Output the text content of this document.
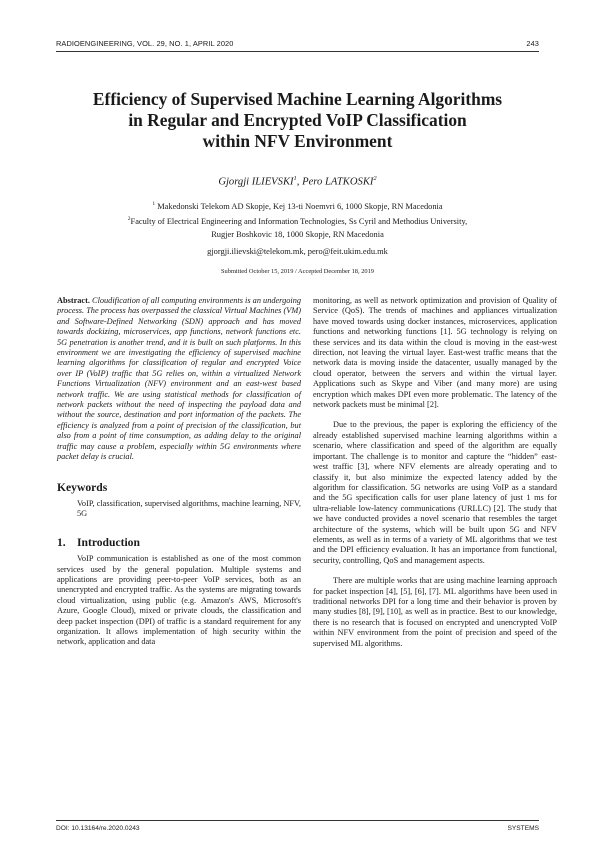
RADIOENGINEERING, VOL. 29, NO. 1, APRIL 2020	243
Efficiency of Supervised Machine Learning Algorithms
in Regular and Encrypted VoIP Classification
within NFV Environment
Gjorgji ILIEVSKI$^1$, Pero LATKOSKI$^2$
$^1$ Makedonski Telekom AD Skopje, Kej 13-ti Noemvri 6, 1000 Skopje, RN Macedonia
$^2$Faculty of Electrical Engineering and Information Technologies, Ss Cyril and Methodius University,
Rugjer Boshkovic 18, 1000 Skopje, RN Macedonia
gjorgji.ilievski@telekom.mk, pero@feit.ukim.edu.mk
Submitted October 15, 2019 / Accepted December 18, 2019
Abstract. Cloudification of all computing environments is an undergoing process. The process has overpassed the classical Virtual Machines (VM) and Software-Defined Networking (SDN) approach and has moved towards dockizing, microservices, app functions, network functions etc. 5G penetration is another trend, and it is built on such platforms. In this environment we are investigating the efficiency of supervised machine learning algorithms for classification of regular and encrypted Voice over IP (VoIP) traffic that 5G relies on, within a virtualized Network Functions Virtualization (NFV) environment and an east-west based network traffic. We are using statistical methods for classification of network packets without the need of inspecting the payload data and without the source, destination and port information of the packets. The efficiency is analyzed from a point of precision of the classification, but also from a point of time consumption, as adding delay to the original traffic may cause a problem, especially within 5G environments where packet delay is crucial.
Keywords
VoIP, classification, supervised algorithms, machine learning, NFV, 5G
1. Introduction

VoIP communication is established as one of the most common services used by the general population. Multiple systems and applications are providing peer-to-peer VoIP services, both as an unencrypted and encrypted traffic. As the systems are migrating towards cloud virtualization, using public (e.g. Amazon's AWS, Microsoft's Azure, Google Cloud), mixed or private clouds, the classification and deep packet inspection (DPI) of traffic is a standard requirement for any organization. It allows implementation of high security within the network, application and data

monitoring, as well as network optimization and provision of Quality of Service (QoS). The trends of machines and appliances virtualization have moved towards using docker instances, microservices, application functions and networking functions [1]. 5G technology is relying on these services and its data within the cloud is moving in the east-west direction, not leaving the virtual layer. East-west traffic means that the network data is moving inside the datacenter, usually managed by the cloud operator, between the servers and within the virtual layer. Applications such as Skype and Viber (and many more) are using encryption which makes DPI even more problematic. The latency of the network packets must be minimal [2].

Due to the previous, the paper is exploring the efficiency of the already established supervised machine learning algorithms within a scenario, where classification and speed of the algorithm are equally important. The challenge is to monitor and capture the “hidden” east-west traffic [3], where NFV elements are already operating and to classify it, but also minimize the expected latency added by the algorithm for classification. 5G networks are using VoIP as a standard and the 5G specification calls for user plane latency of just 1 ms for ultra-reliable low-latency communications (URLLC) [2]. The study that we have conducted provides a novel scenario that resembles the target architecture of the systems, which will be built upon 5G and NFV elements, as well as in terms of a variety of ML algorithms that we test and the DPI efficiency evaluation. It has an importance from functional, security, controlling, QoS and management aspects.

There are multiple works that are using machine learning approach for packet inspection [4], [5], [6], [7]. ML algorithms have been used in traditional networks DPI for a long time and their behavior is proven by many studies [8], [9], [10], as well as in practice. Best to our knowledge, there is no research that is focused on encrypted and unencrypted VoIP within NFV environment from the point of precision and speed of the supervised ML algorithms.

DOI: 10.13164/re.2020.0243	SYSTEMS
